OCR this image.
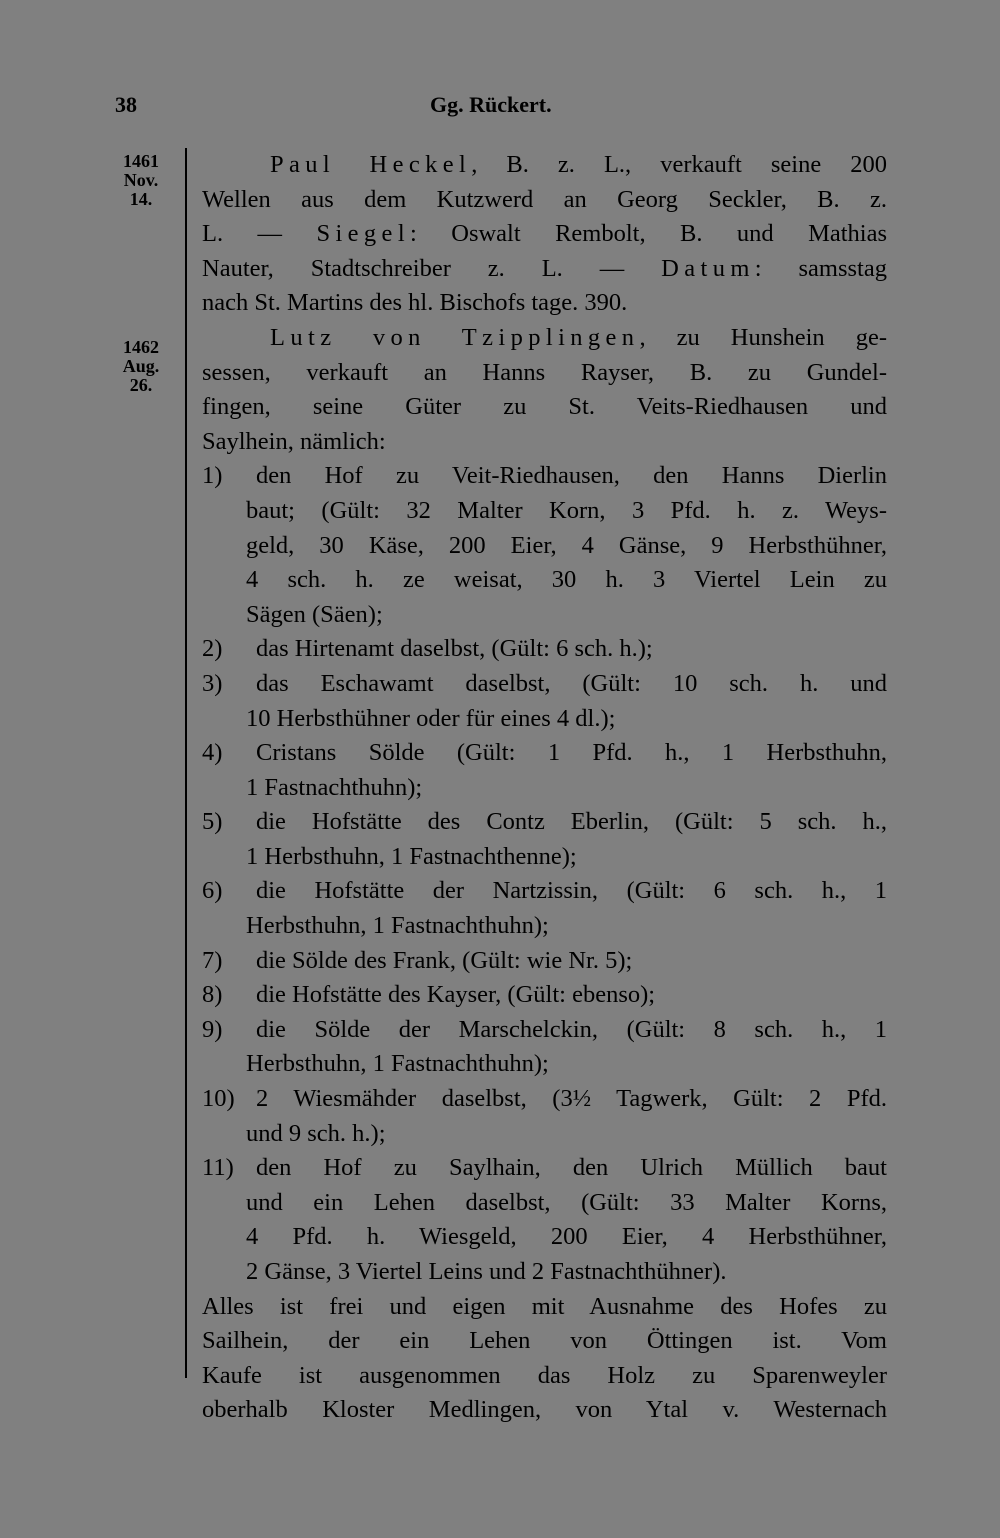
38	Gg. Rückert.
1461
Nov.
14.
1462
Aug.
26.
Paul Heckel, B. z. L., verkauft seine 200
Wellen aus dem Kutzwerd an Georg Seckler, B. z.
L. — Siegel: Oswalt Rembolt, B. und Mathias
Nauter, Stadtschreiber z. L. — Datum: samsstag
nach St. Martins des hl. Bischofs tage. 390.
Lutz von Tzipplingen, zu Hunshein ge-
sessen, verkauft an Hanns Rayser, B. zu Gundel-
fingen, seine Güter zu St. Veits-Riedhausen und
Saylhein, nämlich:
1) den Hof zu Veit-Riedhausen, den Hanns Dierlin
baut; (Gült: 32 Malter Korn, 3 Pfd. h. z. Weys-
geld, 30 Käse, 200 Eier, 4 Gänse, 9 Herbsthühner,
4 sch. h. ze weisat, 30 h. 3 Viertel Lein zu
Sägen (Säen);
2) das Hirtenamt daselbst, (Gült: 6 sch. h.);
3) das Eschawamt daselbst, (Gült: 10 sch. h. und
10 Herbsthühner oder für eines 4 dl.);
4) Cristans Sölde (Gült: 1 Pfd. h., 1 Herbsthuhn,
1 Fastnachthuhn);
5) die Hofstätte des Contz Eberlin, (Gült: 5 sch. h.,
1 Herbsthuhn, 1 Fastnachthenne);
6) die Hofstätte der Nartzissin, (Gült: 6 sch. h., 1
Herbsthuhn, 1 Fastnachthuhn);
7) die Sölde des Frank, (Gült: wie Nr. 5);
8) die Hofstätte des Kayser, (Gült: ebenso);
9) die Sölde der Marschelckin, (Gült: 8 sch. h., 1
Herbsthuhn, 1 Fastnachthuhn);
10) 2 Wiesmähder daselbst, (3½ Tagwerk, Gült: 2 Pfd.
und 9 sch. h.);
11) den Hof zu Saylhain, den Ulrich Müllich baut
und ein Lehen daselbst, (Gült: 33 Malter Korns,
4 Pfd. h. Wiesgeld, 200 Eier, 4 Herbsthühner,
2 Gänse, 3 Viertel Leins und 2 Fastnachthühner).
Alles ist frei und eigen mit Ausnahme des Hofes zu
Sailhein, der ein Lehen von Öttingen ist. Vom
Kaufe ist ausgenommen das Holz zu Sparenweyler
oberhalb Kloster Medlingen, von Ytal v. Westernach
